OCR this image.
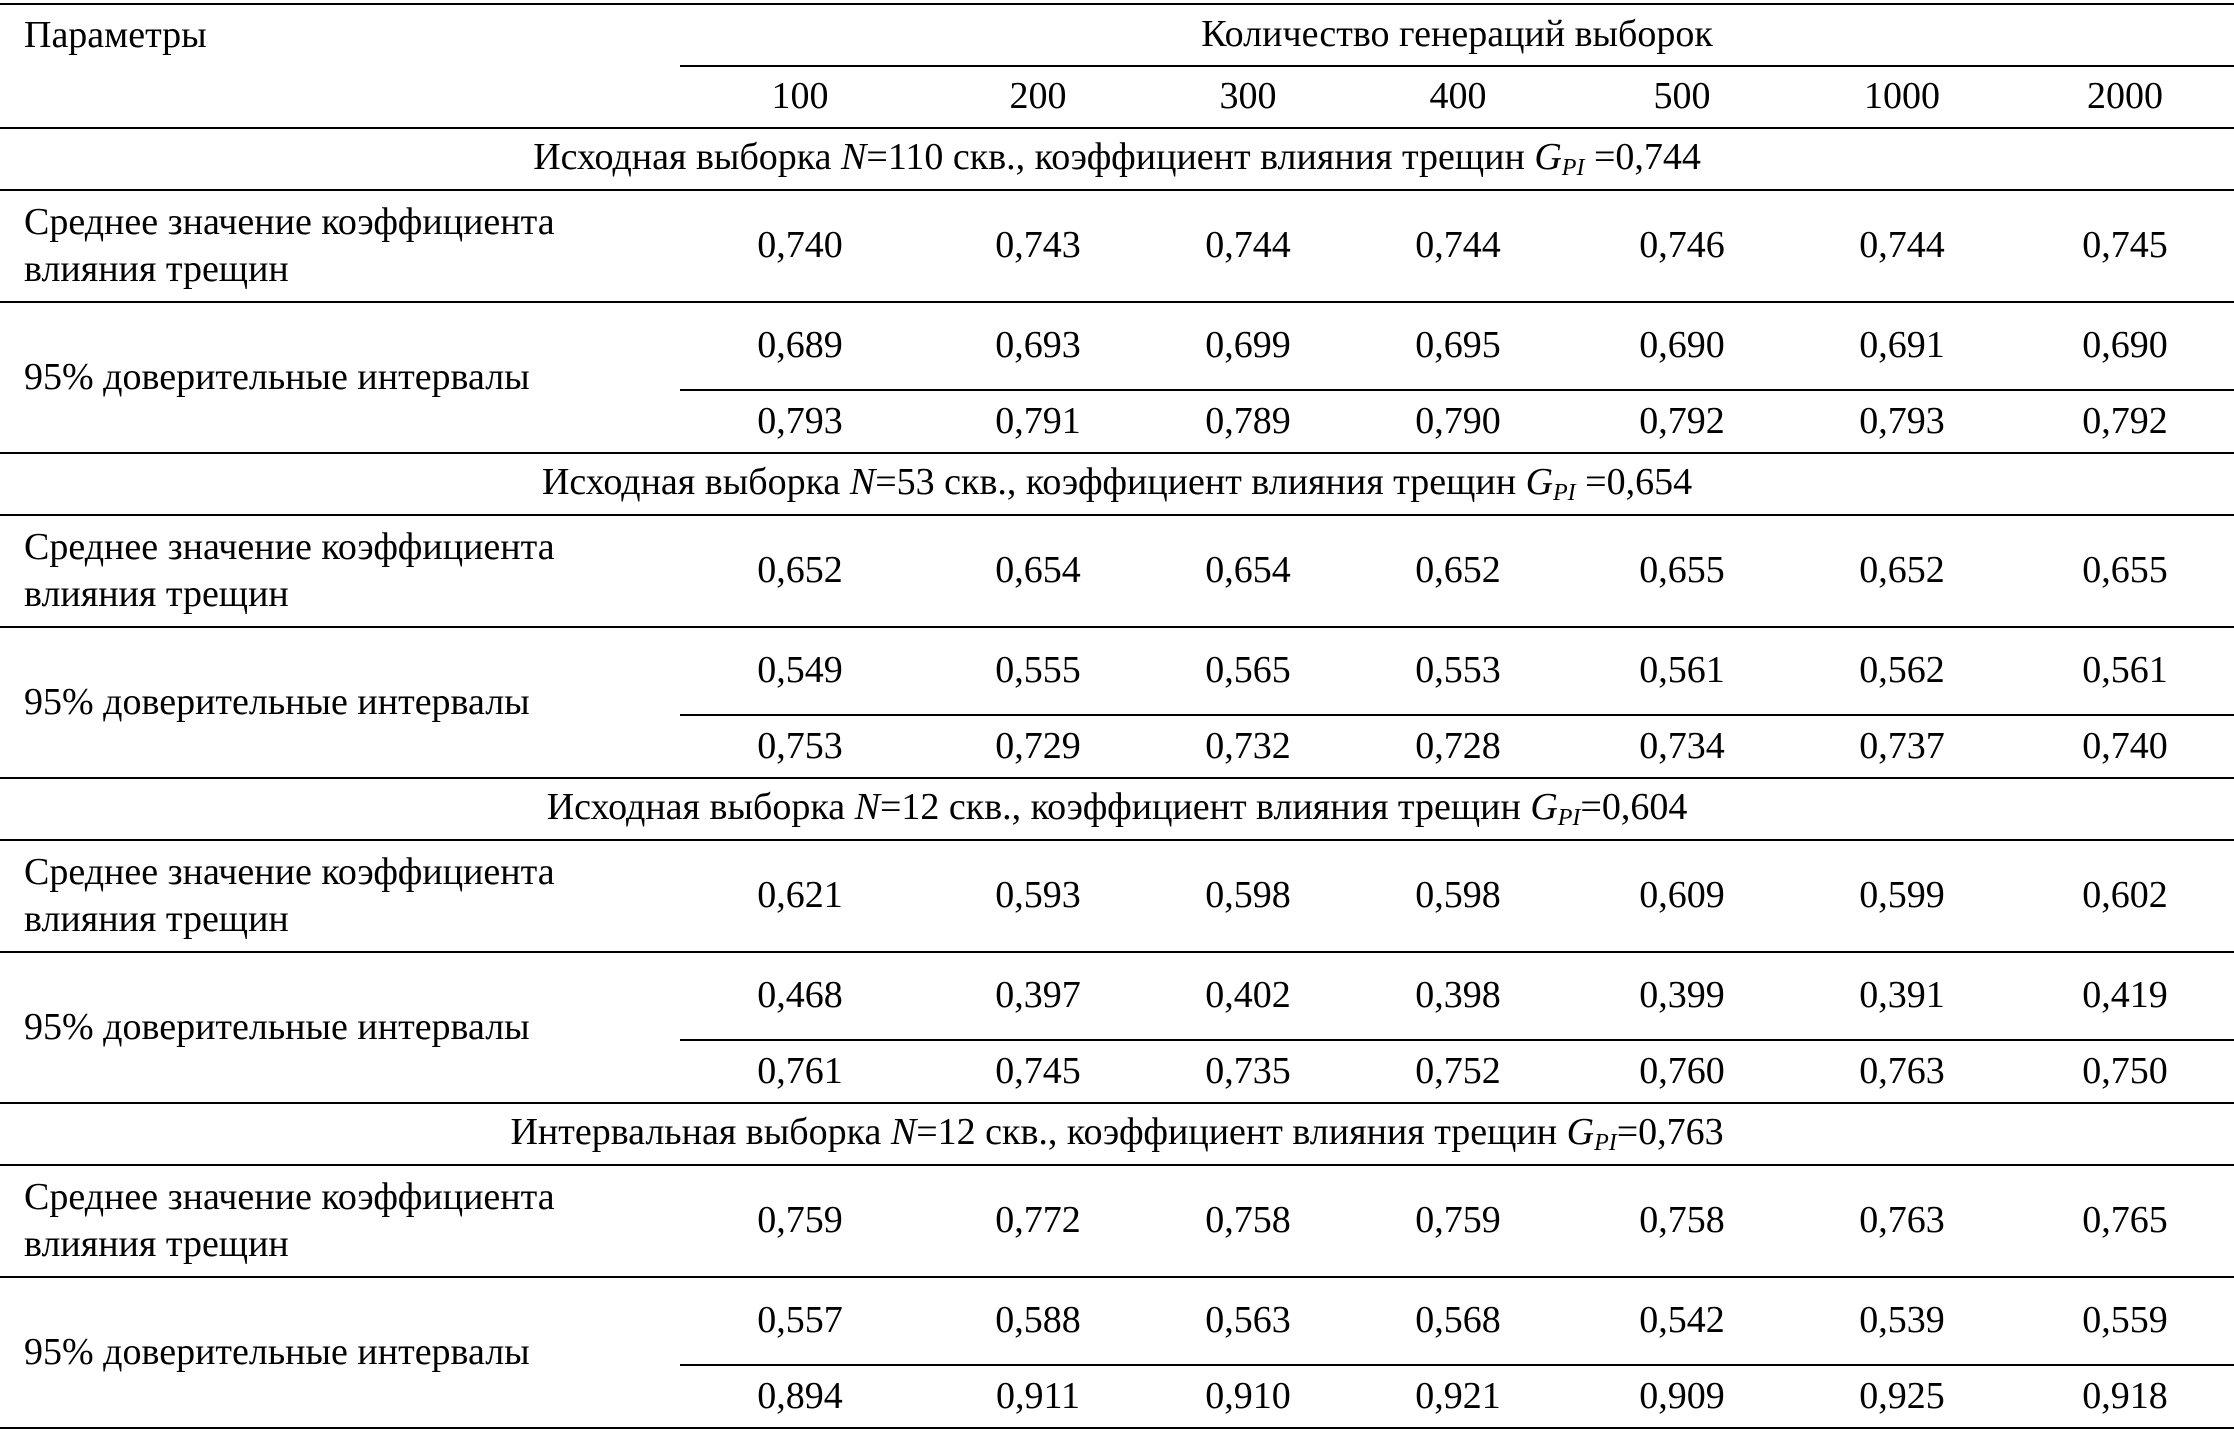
Параметры	Количество генераций выборок						
	100	200	300	400	500	1000	2000
Исходная выборка N=110 скв., коэффициент влияния трещин $G_{PI} =0,744$							
Среднее значение коэффициента влияния трещин	0,740	0,743	0,744	0,744	0,746	0,744	0,745
95% доверительные интервалы	0,689	0,693	0,699	0,695	0,690	0,691	0,690
	0,793	0,791	0,789	0,790	0,792	0,793	0,792
Исходная выборка N=53 скв., коэффициент влияния трещин $G_{PI} =0,654$							
Среднее значение коэффициента влияния трещин	0,652	0,654	0,654	0,652	0,655	0,652	0,655
95% доверительные интервалы	0,549	0,555	0,565	0,553	0,561	0,562	0,561
	0,753	0,729	0,732	0,728	0,734	0,737	0,740
Исходная выборка N=12 скв., коэффициент влияния трещин $G_{PI}=0,604$							
Среднее значение коэффициента влияния трещин	0,621	0,593	0,598	0,598	0,609	0,599	0,602
95% доверительные интервалы	0,468	0,397	0,402	0,398	0,399	0,391	0,419
	0,761	0,745	0,735	0,752	0,760	0,763	0,750
Интервальная выборка N=12 скв., коэффициент влияния трещин $G_{PI}=0,763$							
Среднее значение коэффициента влияния трещин	0,759	0,772	0,758	0,759	0,758	0,763	0,765
95% доверительные интервалы	0,557	0,588	0,563	0,568	0,542	0,539	0,559
	0,894	0,911	0,910	0,921	0,909	0,925	0,918
